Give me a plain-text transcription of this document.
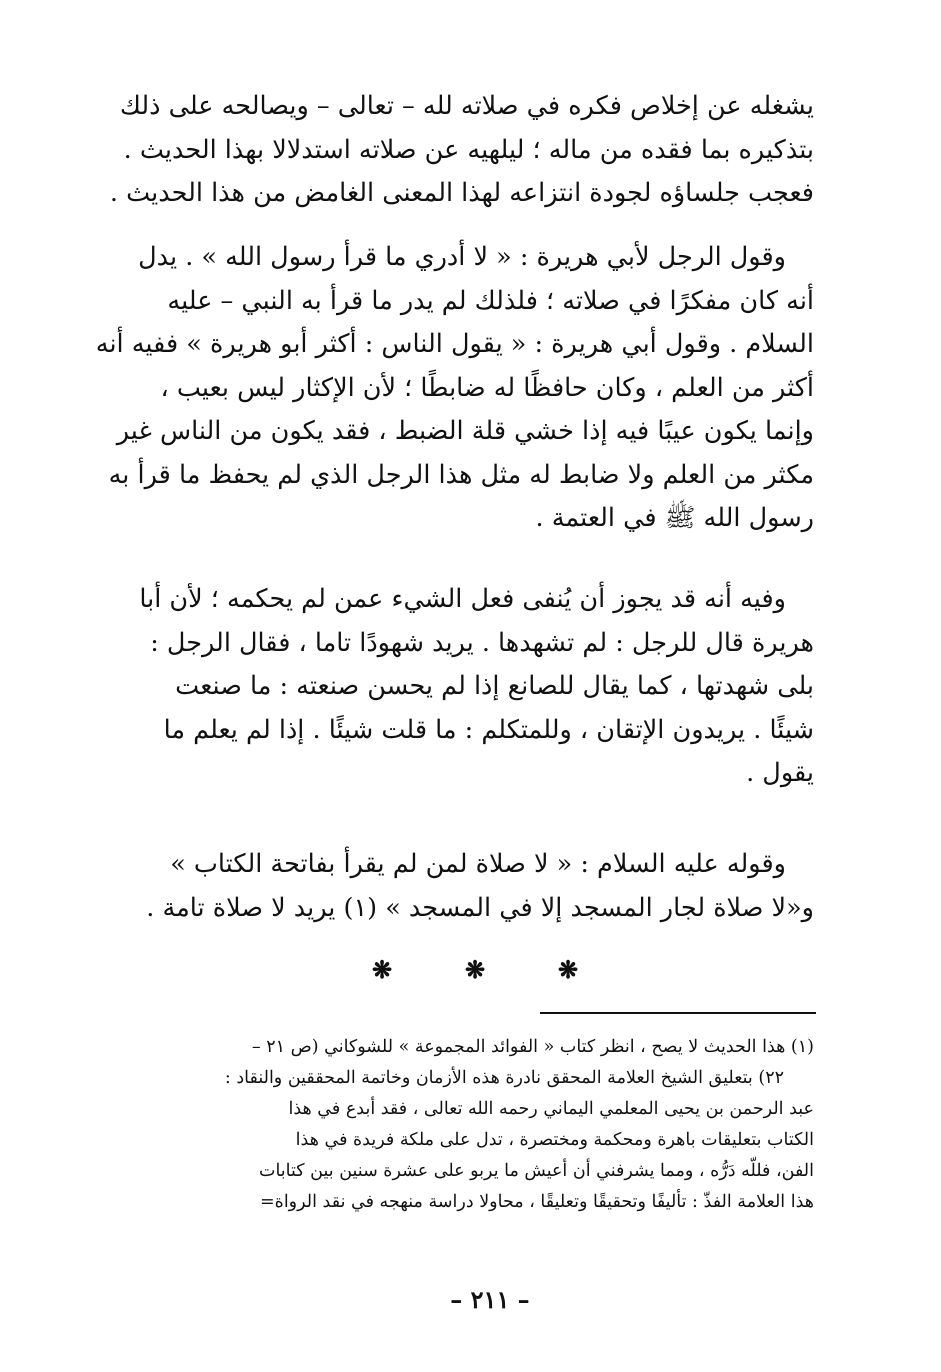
يشغله عن إخلاص فكره في صلاته لله – تعالى – ويصالحه على ذلك
بتذكيره بما فقده من ماله ؛ ليلهيه عن صلاته استدلالا بهذا الحديث .
فعجب جلساؤه لجودة انتزاعه لهذا المعنى الغامض من هذا الحديث .
وقول الرجل لأبي هريرة : « لا أدري ما قرأ رسول الله » . يدل
أنه كان مفكرًا في صلاته ؛ فلذلك لم يدر ما قرأ به النبي – عليه
السلام . وقول أبي هريرة : « يقول الناس : أكثر أبو هريرة » ففيه أنه
أكثر من العلم ، وكان حافظًا له ضابطًا ؛ لأن الإكثار ليس بعيب ،
وإنما يكون عيبًا فيه إذا خشي قلة الضبط ، فقد يكون من الناس غير
مكثر من العلم ولا ضابط له مثل هذا الرجل الذي لم يحفظ ما قرأ به
رسول الله ﷺ في العتمة .
وفيه أنه قد يجوز أن يُنفى فعل الشيء عمن لم يحكمه ؛ لأن أبا
هريرة قال للرجل : لم تشهدها . يريد شهودًا تاما ، فقال الرجل :
بلى شهدتها ، كما يقال للصانع إذا لم يحسن صنعته : ما صنعت
شيئًا . يريدون الإتقان ، وللمتكلم : ما قلت شيئًا . إذا لم يعلم ما
يقول .
وقوله عليه السلام : « لا صلاة لمن لم يقرأ بفاتحة الكتاب »
و«لا صلاة لجار المسجد إلا في المسجد » (١) يريد لا صلاة تامة .
❋
❋
❋
(١) هذا الحديث لا يصح ، انظر كتاب « الفوائد المجموعة » للشوكاني (ص ٢١ –
٢٢) بتعليق الشيخ العلامة المحقق نادرة هذه الأزمان وخاتمة المحققين والنقاد :
عبد الرحمن بن يحيى المعلمي اليماني رحمه الله تعالى ، فقد أبدع في هذا
الكتاب بتعليقات باهرة ومحكمة ومختصرة ، تدل على ملكة فريدة في هذا
الفن، فللّه دَرُّه ، ومما يشرفني أن أعيش ما يربو على عشرة سنين بين كتابات
هذا العلامة الفذّ : تأليفًا وتحقيقًا وتعليقًا ، محاولا دراسة منهجه في نقد الرواة=
– ٢١١ –
